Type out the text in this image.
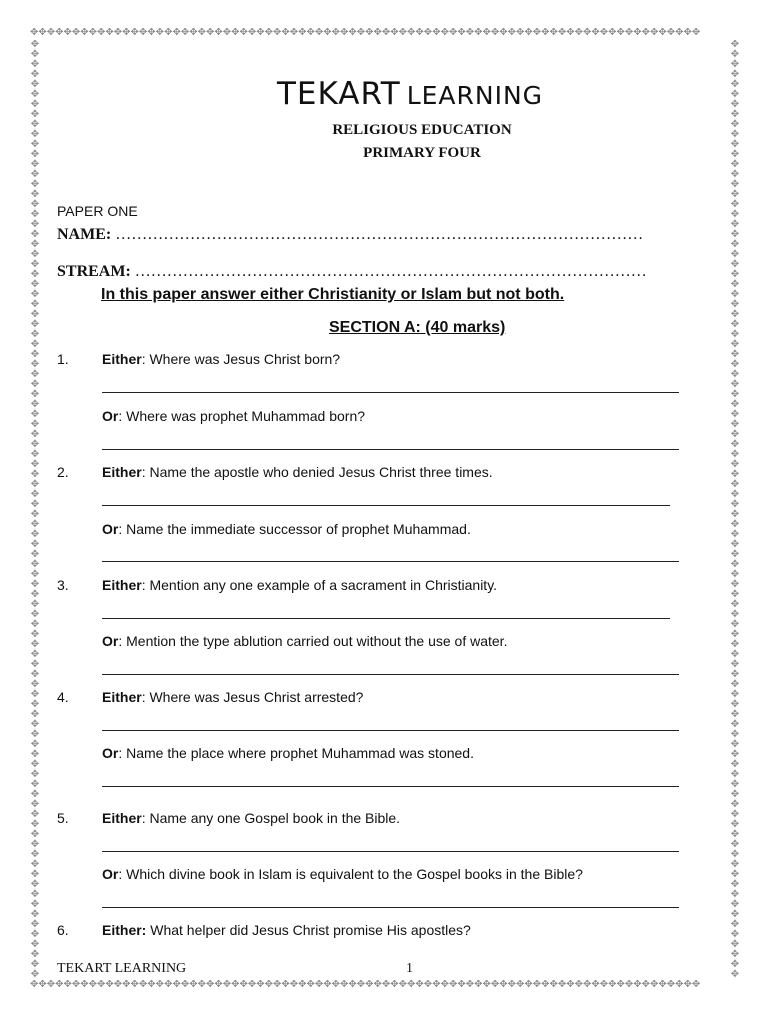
✥✥✥✥✥✥✥✥✥✥✥✥✥✥✥✥✥✥✥✥✥✥✥✥✥✥✥✥✥✥✥✥✥✥✥✥✥✥✥✥✥✥✥✥✥✥✥✥✥✥✥✥✥✥✥✥✥✥✥✥✥✥✥✥✥✥✥✥✥✥✥✥✥✥✥✥✥✥✥✥
✥✥✥✥✥✥✥✥✥✥✥✥✥✥✥✥✥✥✥✥✥✥✥✥✥✥✥✥✥✥✥✥✥✥✥✥✥✥✥✥✥✥✥✥✥✥✥✥✥✥✥✥✥✥✥✥✥✥✥✥✥✥✥✥✥✥✥✥✥✥✥✥✥✥✥✥✥✥✥✥
✥✥✥✥✥✥✥✥✥✥✥✥✥✥✥✥✥✥✥✥✥✥✥✥✥✥✥✥✥✥✥✥✥✥✥✥✥✥✥✥✥✥✥✥✥✥✥✥✥✥✥✥✥✥✥✥✥✥✥✥✥✥✥✥✥✥✥✥✥✥✥✥✥✥✥✥✥✥✥✥✥✥✥✥✥✥✥✥✥✥✥✥✥✥
✥✥✥✥✥✥✥✥✥✥✥✥✥✥✥✥✥✥✥✥✥✥✥✥✥✥✥✥✥✥✥✥✥✥✥✥✥✥✥✥✥✥✥✥✥✥✥✥✥✥✥✥✥✥✥✥✥✥✥✥✥✥✥✥✥✥✥✥✥✥✥✥✥✥✥✥✥✥✥✥✥✥✥✥✥✥✥✥✥✥✥✥✥✥
TEKART LEARNING
RELIGIOUS EDUCATION
PRIMARY FOUR
PAPER ONE
NAME: ………………………………………………………………………………………
STREAM: ……………………………………………………………………………………
In this paper answer either Christianity or Islam but not both.
SECTION A: (40 marks)
1. Either: Where was Jesus Christ born?
Or: Where was prophet Muhammad born?
2. Either: Name the apostle who denied Jesus Christ three times.
Or: Name the immediate successor of prophet Muhammad.
3. Either: Mention any one example of a sacrament in Christianity.
Or: Mention the type ablution carried out without the use of water.
4. Either: Where was Jesus Christ arrested?
Or: Name the place where prophet Muhammad was stoned.
5. Either: Name any one Gospel book in the Bible.
Or: Which divine book in Islam is equivalent to the Gospel books in the Bible?
6. Either: What helper did Jesus Christ promise His apostles?
TEKART LEARNING	1
